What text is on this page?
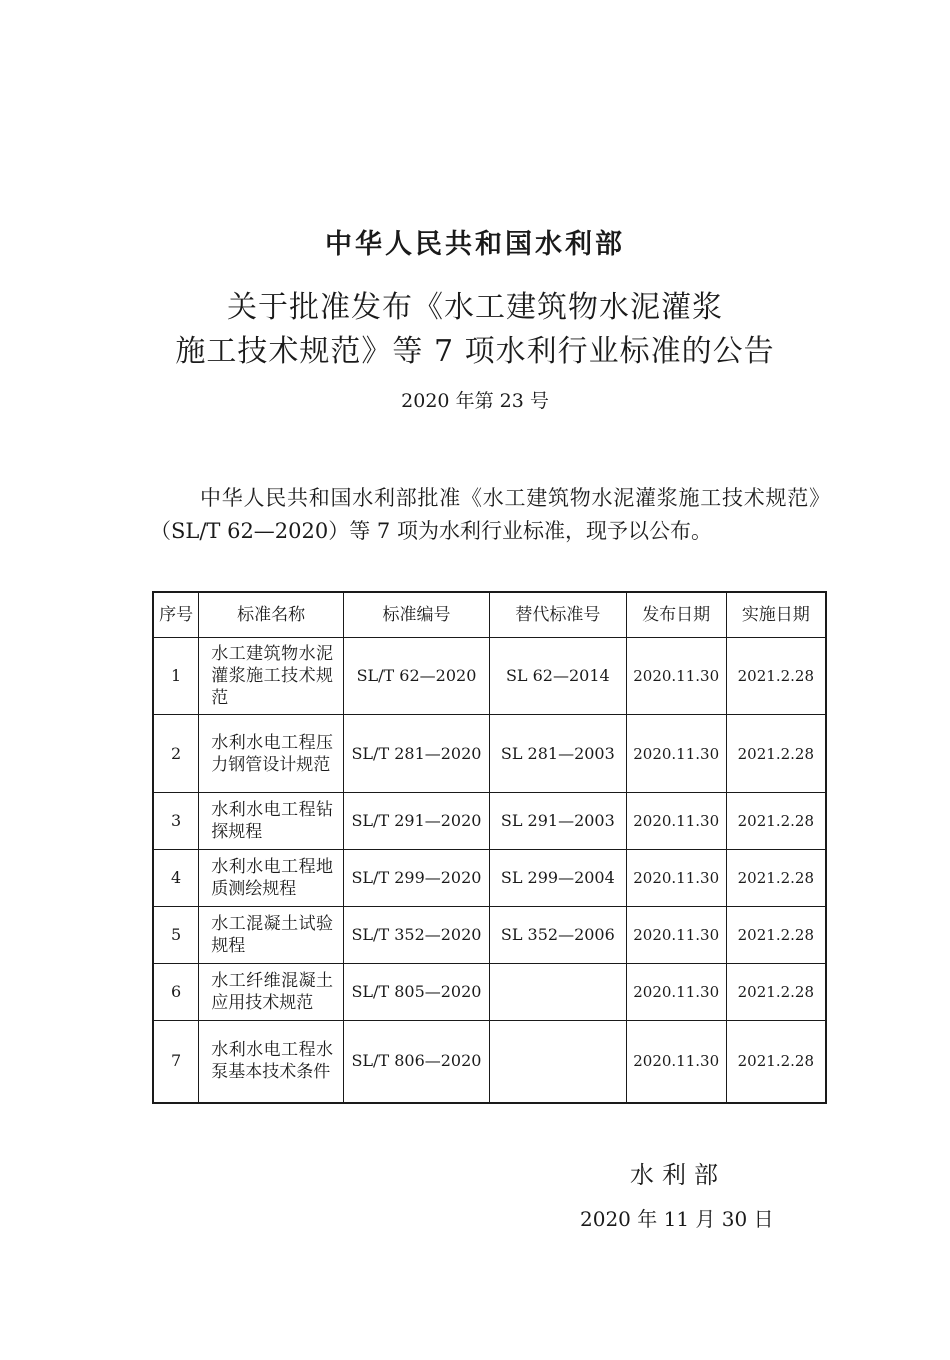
中华人民共和国水利部
关于批准发布《水工建筑物水泥灌浆
施工技术规范》等 7 项水利行业标准的公告
2020 年第 23 号
中华人民共和国水利部批准《水工建筑物水泥灌浆施工技术规范》（SL/T 62—2020）等 7 项为水利行业标准，现予以公布。
序号	标准名称	标准编号	替代标准号	发布日期	实施日期
1	水工建筑物水泥灌浆施工技术规范	SL/T 62—2020	SL 62—2014	2020.11.30	2021.2.28
2	水利水电工程压力钢管设计规范	SL/T 281—2020	SL 281—2003	2020.11.30	2021.2.28
3	水利水电工程钻探规程	SL/T 291—2020	SL 291—2003	2020.11.30	2021.2.28
4	水利水电工程地质测绘规程	SL/T 299—2020	SL 299—2004	2020.11.30	2021.2.28
5	水工混凝土试验规程	SL/T 352—2020	SL 352—2006	2020.11.30	2021.2.28
6	水工纤维混凝土应用技术规范	SL/T 805—2020		2020.11.30	2021.2.28
7	水利水电工程水泵基本技术条件	SL/T 806—2020		2020.11.30	2021.2.28
水利部
2020 年 11 月 30 日
